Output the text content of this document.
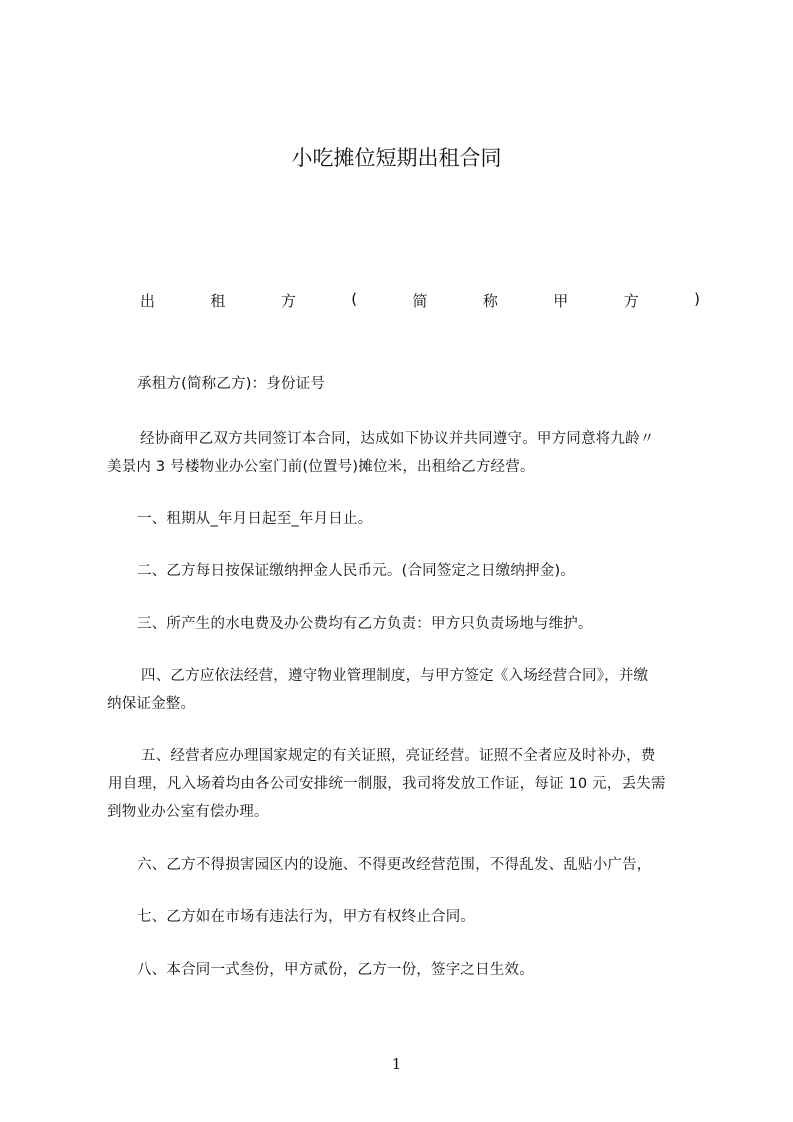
小吃摊位短期出租合同
出	租	方	(	简	称	甲	方	)
承租方(简称乙方)：身份证号
经协商甲乙双方共同签订本合同，达成如下协议并共同遵守。甲方同意将九龄〃
美景内 3 号楼物业办公室门前(位置号)摊位米，出租给乙方经营。
一、租期从_年月日起至_年月日止。
二、乙方每日按保证缴纳押金人民币元。(合同签定之日缴纳押金)。
三、所产生的水电费及办公费均有乙方负责：甲方只负责场地与维护。
四、乙方应依法经营，遵守物业管理制度，与甲方签定《入场经营合同》，并缴
纳保证金整。
五、经营者应办理国家规定的有关证照，亮证经营。证照不全者应及时补办，费
用自理，凡入场着均由各公司安排统一制服，我司将发放工作证，每证 10 元，丢失需
到物业办公室有偿办理。
六、乙方不得损害园区内的设施、不得更改经营范围，不得乱发、乱贴小广告，
七、乙方如在市场有违法行为，甲方有权终止合同。
八、本合同一式叁份，甲方贰份，乙方一份，签字之日生效。
1
